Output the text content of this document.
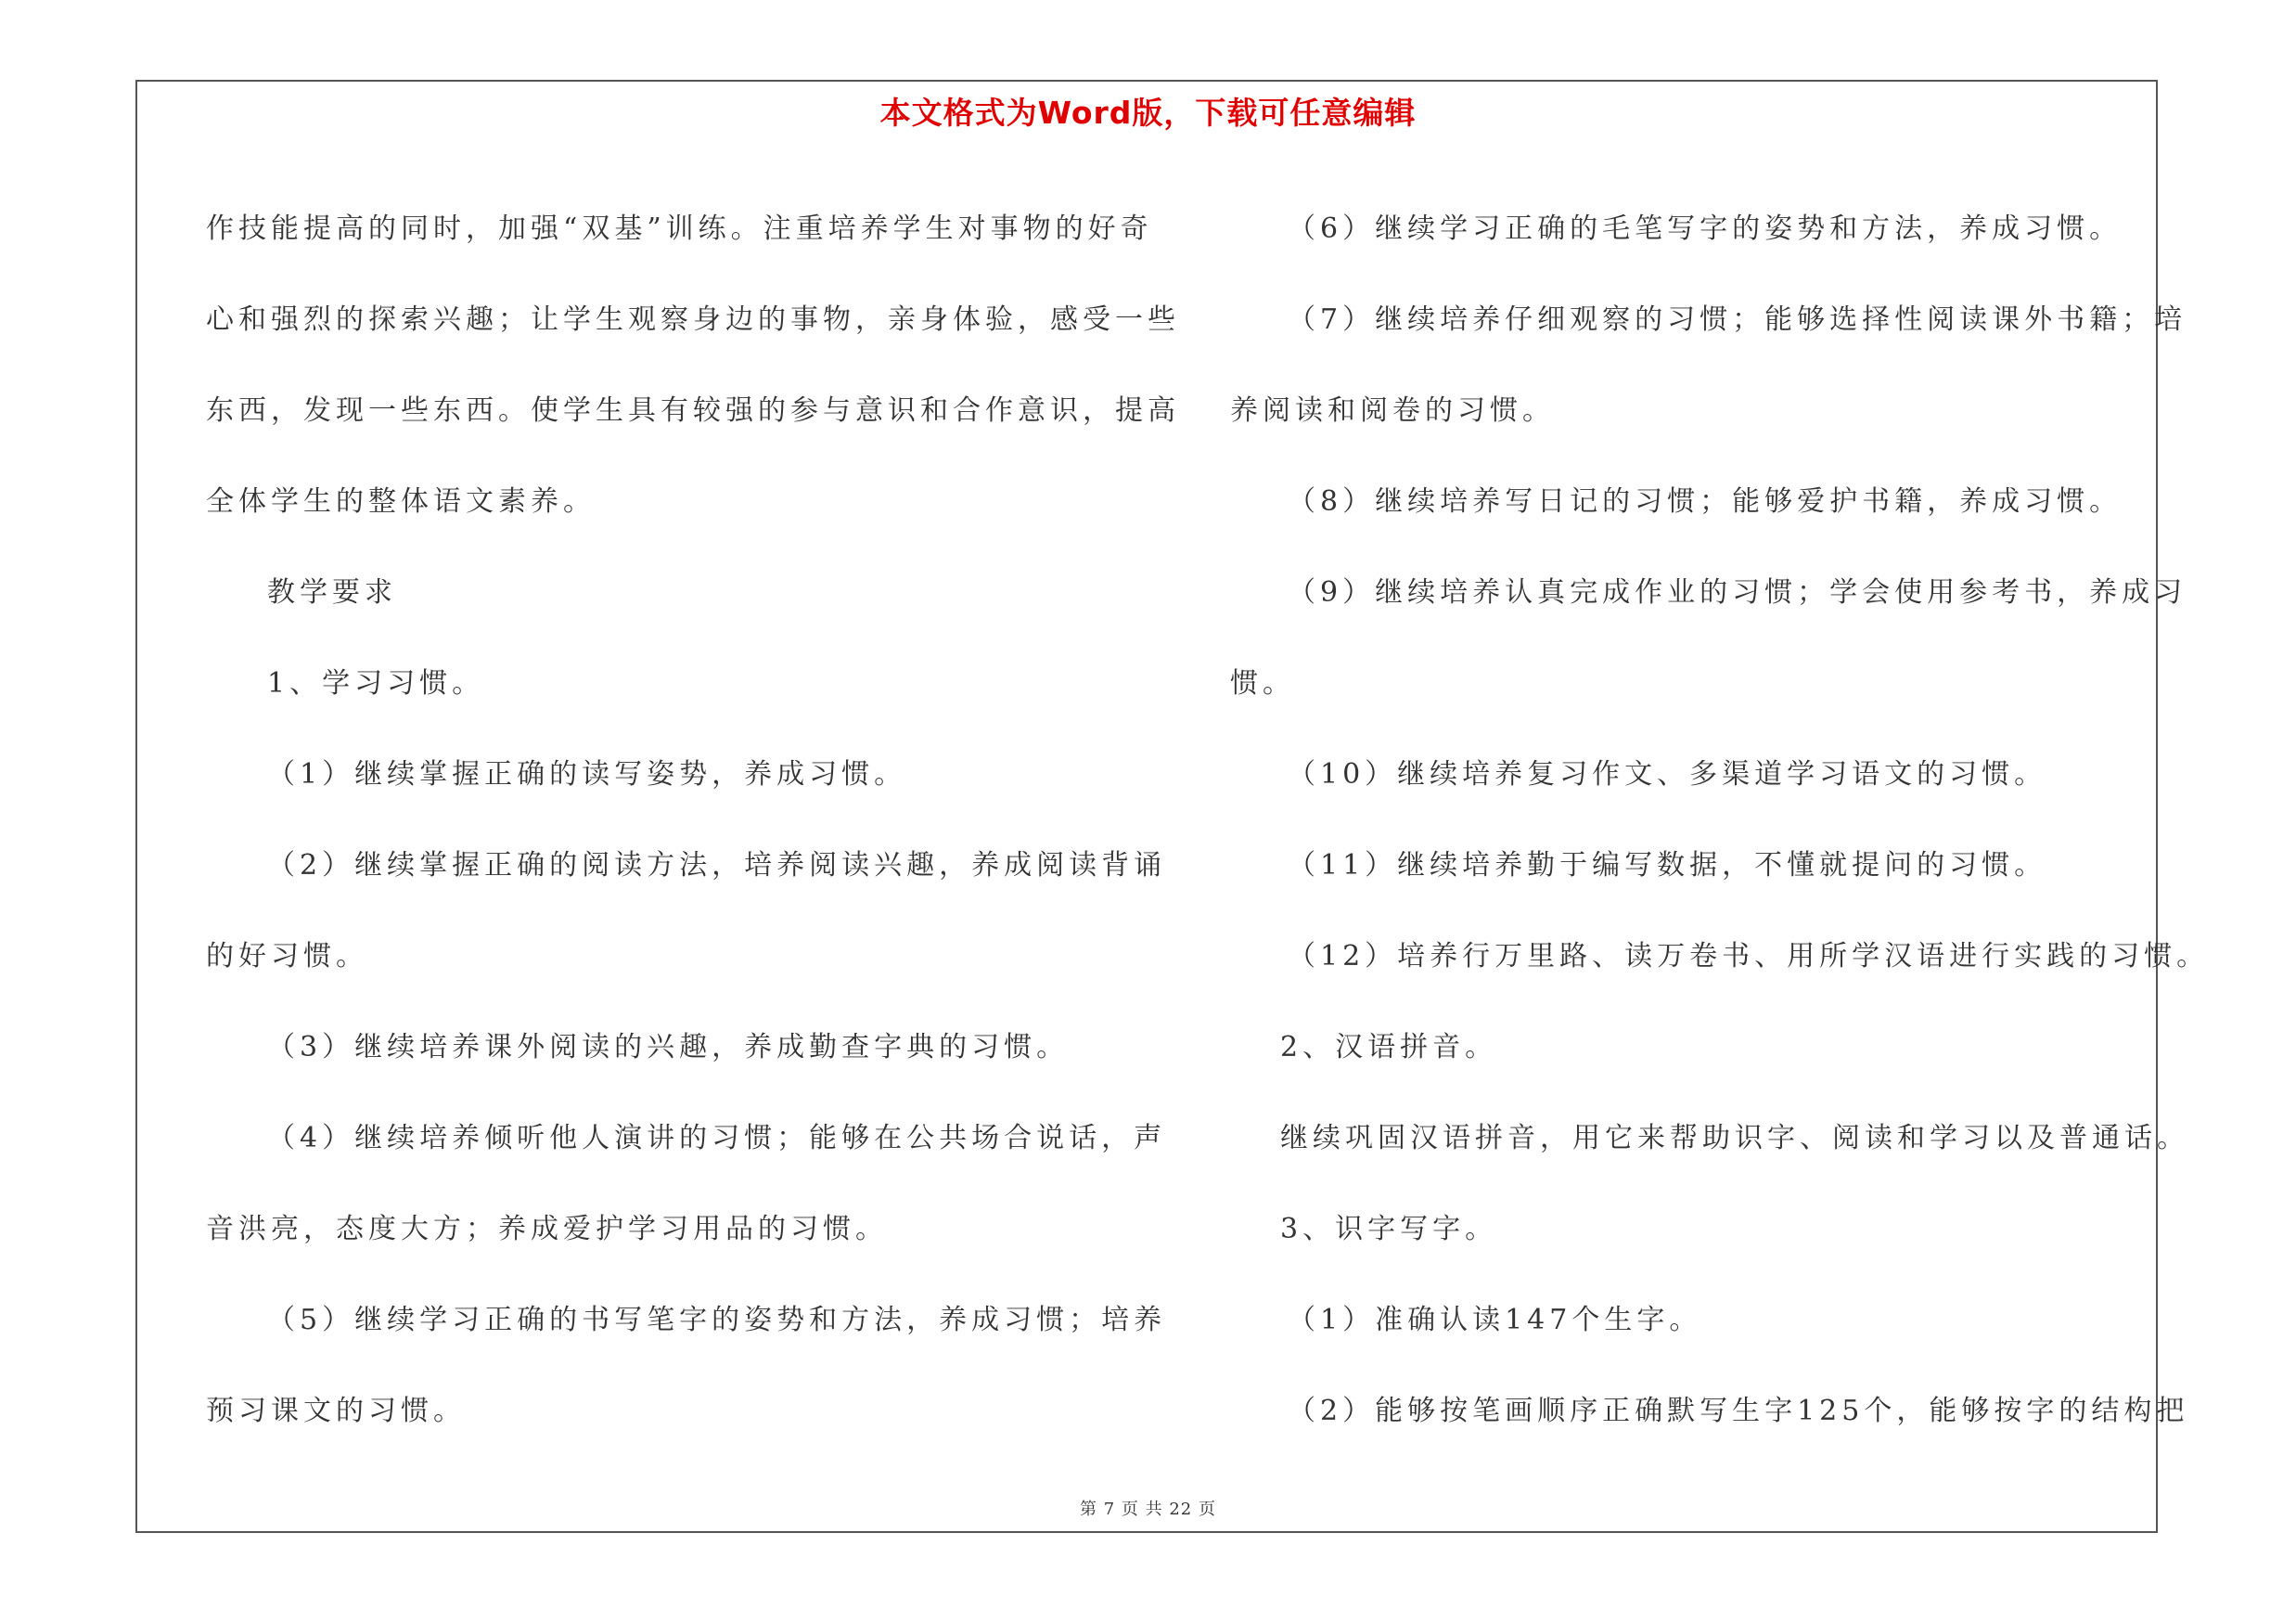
本文格式为Word版，下载可任意编辑
作技能提高的同时，加强“双基”训练。注重培养学生对事物的好奇
心和强烈的探索兴趣；让学生观察身边的事物，亲身体验，感受一些
东西，发现一些东西。使学生具有较强的参与意识和合作意识，提高
全体学生的整体语文素养。
教学要求
1、学习习惯。
（1）继续掌握正确的读写姿势，养成习惯。
（2）继续掌握正确的阅读方法，培养阅读兴趣，养成阅读背诵
的好习惯。
（3）继续培养课外阅读的兴趣，养成勤查字典的习惯。
（4）继续培养倾听他人演讲的习惯；能够在公共场合说话，声
音洪亮，态度大方；养成爱护学习用品的习惯。
（5）继续学习正确的书写笔字的姿势和方法，养成习惯；培养
预习课文的习惯。
（6）继续学习正确的毛笔写字的姿势和方法，养成习惯。
（7）继续培养仔细观察的习惯；能够选择性阅读课外书籍；培
养阅读和阅卷的习惯。
（8）继续培养写日记的习惯；能够爱护书籍，养成习惯。
（9）继续培养认真完成作业的习惯；学会使用参考书，养成习
惯。
（10）继续培养复习作文、多渠道学习语文的习惯。
（11）继续培养勤于编写数据，不懂就提问的习惯。
（12）培养行万里路、读万卷书、用所学汉语进行实践的习惯。
2、汉语拼音。
继续巩固汉语拼音，用它来帮助识字、阅读和学习以及普通话。
3、识字写字。
（1）准确认读147个生字。
（2）能够按笔画顺序正确默写生字125个，能够按字的结构把
第 7 页 共 22 页
